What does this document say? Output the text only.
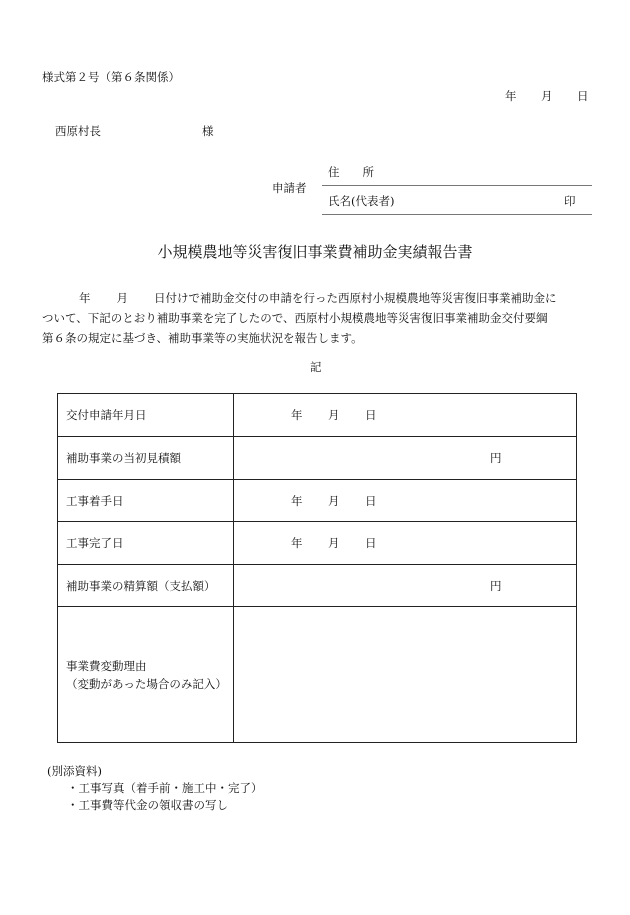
様式第２号（第６条関係）
年 月 日
西原村長	様
申請者
住　　所
氏名(代表者)	印
小規模農地等災害復旧事業費補助金実績報告書

年 月 日付けで補助金交付の申請を行った西原村小規模農地等災害復旧事業補助金に

ついて、下記のとおり補助事業を完了したので、西原村小規模農地等災害復旧事業補助金交付要綱

第６条の規定に基づき、補助事業等の実施状況を報告します。

記
交付申請年月日	年 月 日

補助事業の当初見積額	円

工事着手日	年 月 日

工事完了日	年 月 日

補助事業の精算額（支払額）	円

事業費変動理由
（変動があった場合のみ記入）	

(別添資料)
・工事写真（着手前・施工中・完了）
・工事費等代金の領収書の写し
